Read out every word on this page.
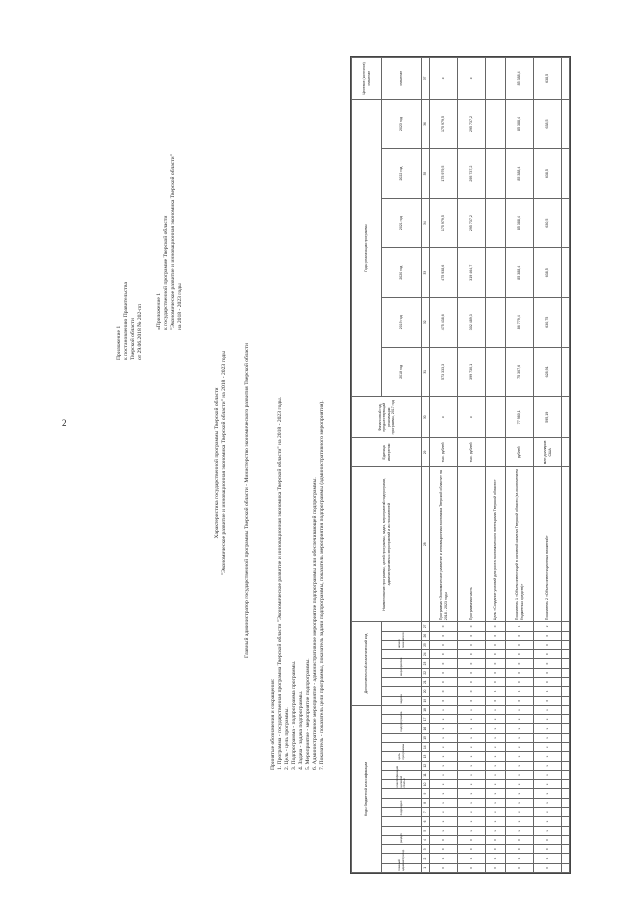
2
Приложение 1 к постановлению Правительства Тверской области от 29.06.2018 № 202-пп «Приложение 1 к государственной программе Тверской области "Экономическое развитие и инновационная экономика Тверской области" на 2018 - 2023 годы
Характеристика государственной программы Тверской области "Экономическое развитие и инновационная экономика Тверской области" на 2018 - 2023 годы	Главный администратор государственной программы Тверской области - Министерство экономического развития Тверской области
Принятые обозначения и сокращения: 1. Программа - государственная программа Тверской области "Экономическое развитие и инновационная экономика Тверской области" на 2018 - 2023 годы. 2. Цель - цель программы. 3. Подпрограмма - подпрограмма программы. 4. Задача - задача подпрограммы. 5. Мероприятие - мероприятие подпрограммы. 6. Административное мероприятие - административное мероприятие подпрограммы или обеспечивающей подпрограммы. 7. Показатель - показатель цели программы, показатель задачи подпрограммы, показатель мероприятия подпрограммы (административного мероприятия).
Коды бюджетной классификации																		Дополнительный аналитический код									Наименование программы, целей программы, задач, мероприятий подпрограмм, административных мероприятий и их показателей	Единица измерения	Финансовый год, предшествующий реализации программы, 2017 год	Годы реализации программы						Целевое (конечное) значение
главный администратор			раздел			подраздел			классификация целевой статьи			цель программы			подпрограмма			задача			мероприятие			номер показателя						2018 год	2019 год	2020 год	2021 год	2022 год	2023 год	значение
1	2	3	4	5	6	7	8	9	10	11	12	13	14	15	16	17	18	19	20	21	22	23	24	25	26	27	28	29	30	31	32	33	34	35	36	37
0	1	0	0	х	х	х	х	х	х	х	х	х	х	х	х	х	х	0	0	0	0	0	0	0	0	0	Программа «Экономическое развитие и инновационная экономика Тверской области» на 2018 - 2023 годы	тыс. рублей	х	573 333,3	475 438,6	475 938,6	175 979,5	175 979,5	175 979,5	х
0	1	0	0	х	х	х	х	х	х	х	х	х	х	х	х	х	х	0	0	0	0	0	0	0	0	0	Программная часть	тыс. рублей	х	399 730,1	302 489,3	319 464,7	295 737,2	295 737,2	295 737,2	х
0	1	0	0	х	х	х	х	х	х	х	х	х	х	х	х	х	х	0	1	0	0	0	0	0	0	0	Цель «Создание условий для роста экономического потенциала Тверской области»									
0	1	0	0	х	х	х	х	х	х	х	х	х	х	х	х	х	х	0	1	0	0	0	0	0	0	1	Показатель 1 «Объем инвестиций в основной капитал Тверской области (за исключением бюджетных средств)»	рублей	77 980,1	75 307,6	86 779,4	85 388,4	85 388,4	85 388,4	85 388,4	85 388,4
0	1	0	0	х	х	х	х	х	х	х	х	х	х	х	х	х	х	0	1	0	0	0	0	0	0	2	Показатель 2 «Объем инвестиционных вложений»	млн долларов США	595,19	628,91	630,75	638,5	630,5	638,5	638,5	638,5
